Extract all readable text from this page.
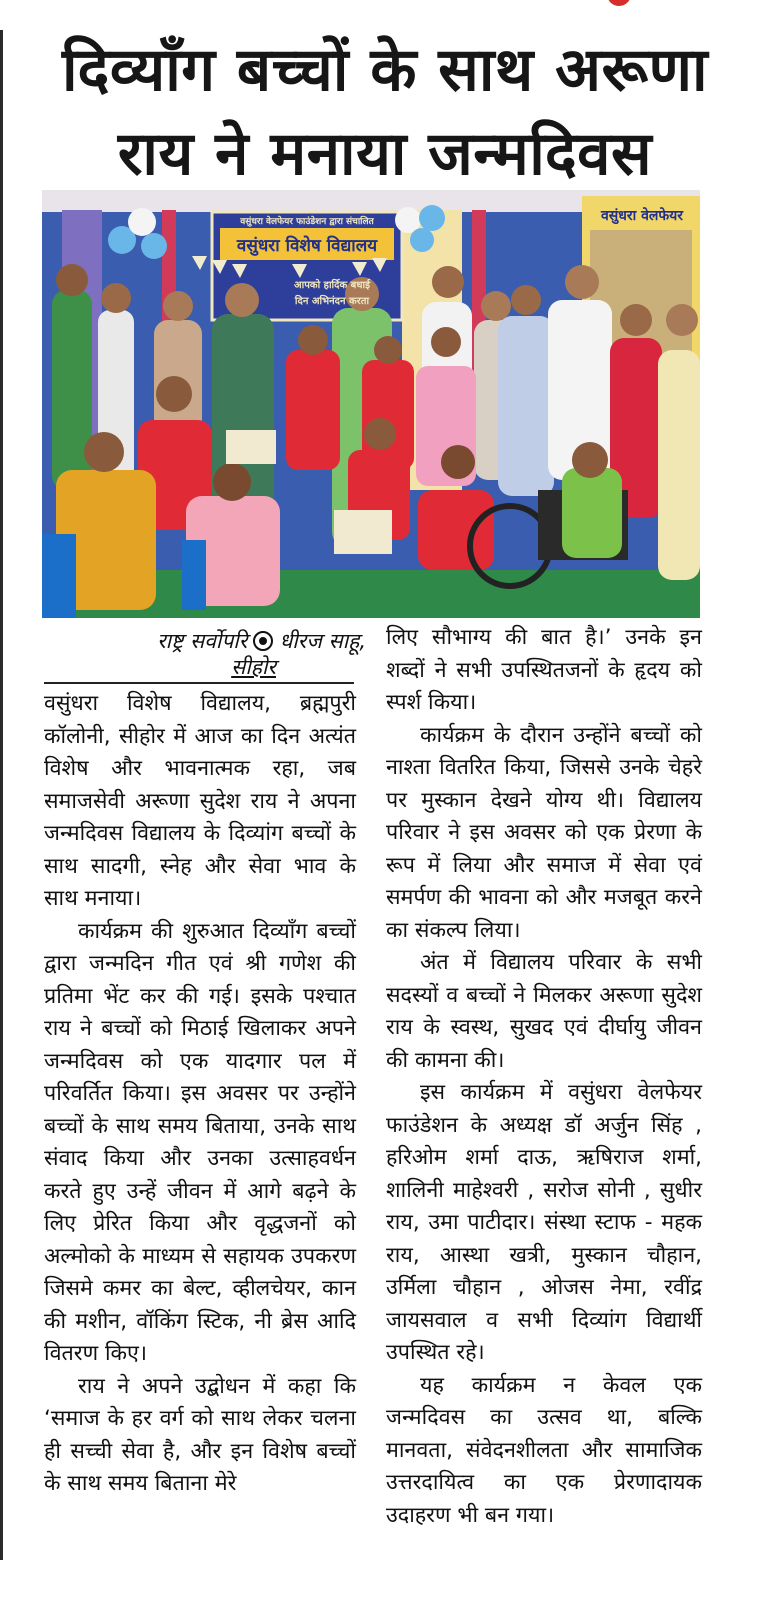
दिव्याँग बच्चों के साथ अरूणा
राय ने मनाया जन्मदिवस
वसुंधरा वेलफेयर फाउंडेशन द्वारा संचालित
वसुंधरा विशेष विद्यालय
आपको हार्दिक बधाई
दिन अभिनंदन करता
वसुंधरा वेलफेयर
राष्ट्र सर्वोपरि धीरज साहू,
सीहोर

वसुंधरा विशेष विद्यालय, ब्रह्मपुरी कॉलोनी, सीहोर में आज का दिन अत्यंत विशेष और भावनात्मक रहा, जब समाजसेवी अरूणा सुदेश राय ने अपना जन्मदिवस विद्यालय के दिव्यांग बच्चों के साथ सादगी, स्नेह और सेवा भाव के साथ मनाया।

कार्यक्रम की शुरुआत दिव्याँग बच्चों द्वारा जन्मदिन गीत एवं श्री गणेश की प्रतिमा भेंट कर की गई। इसके पश्चात राय ने बच्चों को मिठाई खिलाकर अपने जन्मदिवस को एक यादगार पल में परिवर्तित किया। इस अवसर पर उन्होंने बच्चों के साथ समय बिताया, उनके साथ संवाद किया और उनका उत्साहवर्धन करते हुए उन्हें जीवन में आगे बढ़ने के लिए प्रेरित किया और वृद्धजनों को अल्मोको के माध्यम से सहायक उपकरण जिसमे कमर का बेल्ट, व्हीलचेयर, कान की मशीन, वॉकिंग स्टिक, नी ब्रेस आदि वितरण किए।

राय ने अपने उद्बोधन में कहा कि ‘समाज के हर वर्ग को साथ लेकर चलना ही सच्ची सेवा है, और इन विशेष बच्चों के साथ समय बिताना मेरे

लिए सौभाग्य की बात है।’ उनके इन शब्दों ने सभी उपस्थितजनों के हृदय को स्पर्श किया।

कार्यक्रम के दौरान उन्होंने बच्चों को नाश्ता वितरित किया, जिससे उनके चेहरे पर मुस्कान देखने योग्य थी। विद्यालय परिवार ने इस अवसर को एक प्रेरणा के रूप में लिया और समाज में सेवा एवं समर्पण की भावना को और मजबूत करने का संकल्प लिया।

अंत में विद्यालय परिवार के सभी सदस्यों व बच्चों ने मिलकर अरूणा सुदेश राय के स्वस्थ, सुखद एवं दीर्घायु जीवन की कामना की।

इस कार्यक्रम में वसुंधरा वेलफेयर फाउंडेशन के अध्यक्ष डॉ अर्जुन सिंह , हरिओम शर्मा दाऊ, ऋषिराज शर्मा, शालिनी माहेश्वरी , सरोज सोनी , सुधीर राय, उमा पाटीदार। संस्था स्टाफ - महक राय, आस्था खत्री, मुस्कान चौहान, उर्मिला चौहान , ओजस नेमा, रवींद्र जायसवाल व सभी दिव्यांग विद्यार्थी उपस्थित रहे।

यह कार्यक्रम न केवल एक जन्मदिवस का उत्सव था, बल्कि मानवता, संवेदनशीलता और सामाजिक उत्तरदायित्व का एक प्रेरणादायक उदाहरण भी बन गया।
